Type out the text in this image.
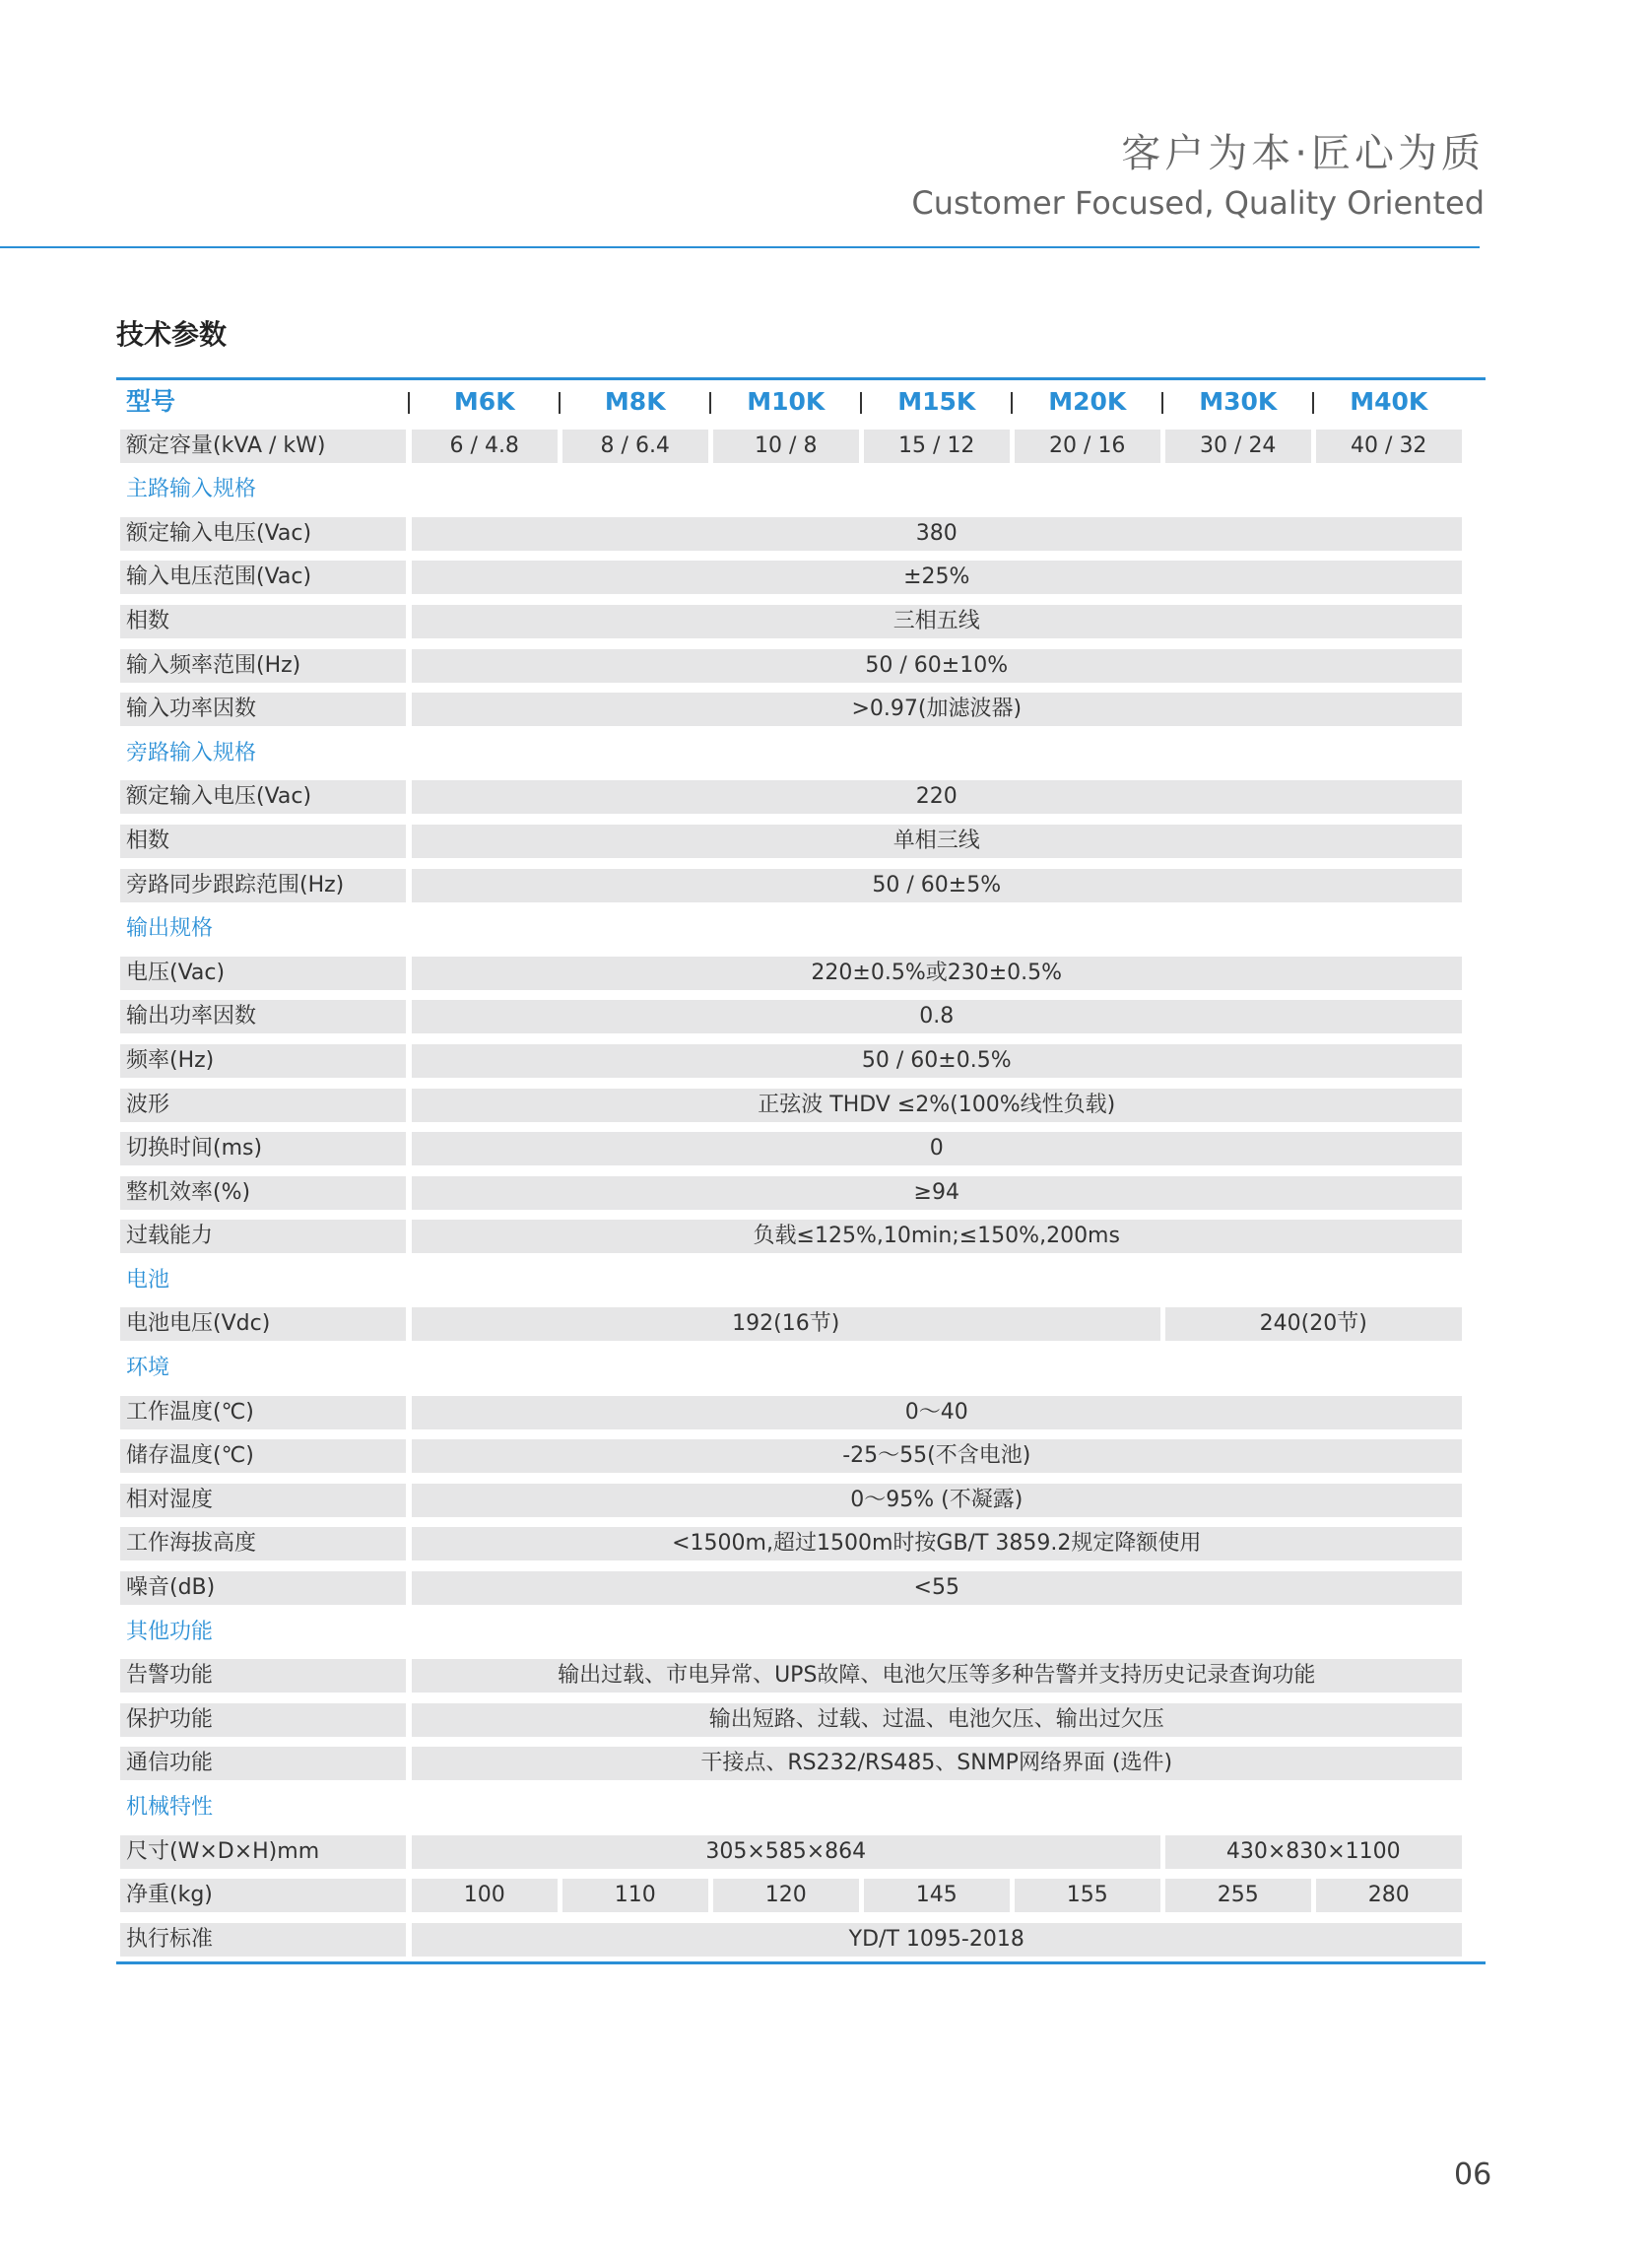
客户为本·匠心为质
Customer Focused, Quality Oriented
技术参数
型号	M6K	M8K	M10K	M15K	M20K	M30K	M40K
额定容量(kVA / kW)	6 / 4.8	8 / 6.4	10 / 8	15 / 12	20 / 16	30 / 24	40 / 32
主路输入规格
额定输入电压(Vac)	380
输入电压范围(Vac)	±25%
相数	三相五线
输入频率范围(Hz)	50 / 60±10%
输入功率因数	>0.97(加滤波器)
旁路输入规格
额定输入电压(Vac)	220
相数	单相三线
旁路同步跟踪范围(Hz)	50 / 60±5%
输出规格
电压(Vac)	220±0.5%或230±0.5%
输出功率因数	0.8
频率(Hz)	50 / 60±0.5%
波形	正弦波 THDV ≤2%(100%线性负载)
切换时间(ms)	0
整机效率(%)	≥94
过载能力	负载≤125%,10min;≤150%,200ms
电池
电池电压(Vdc)	192(16节)	240(20节)
环境
工作温度(℃)	0～40
储存温度(℃)	-25～55(不含电池)
相对湿度	0～95% (不凝露)
工作海拔高度	<1500m,超过1500m时按GB/T 3859.2规定降额使用
噪音(dB)	<55
其他功能
告警功能	输出过载、市电异常、UPS故障、电池欠压等多种告警并支持历史记录查询功能
保护功能	输出短路、过载、过温、电池欠压、输出过欠压
通信功能	干接点、RS232/RS485、SNMP网络界面 (选件)
机械特性
尺寸(W×D×H)mm	305×585×864	430×830×1100
净重(kg)	100	110	120	145	155	255	280
执行标准	YD/T 1095-2018
06
